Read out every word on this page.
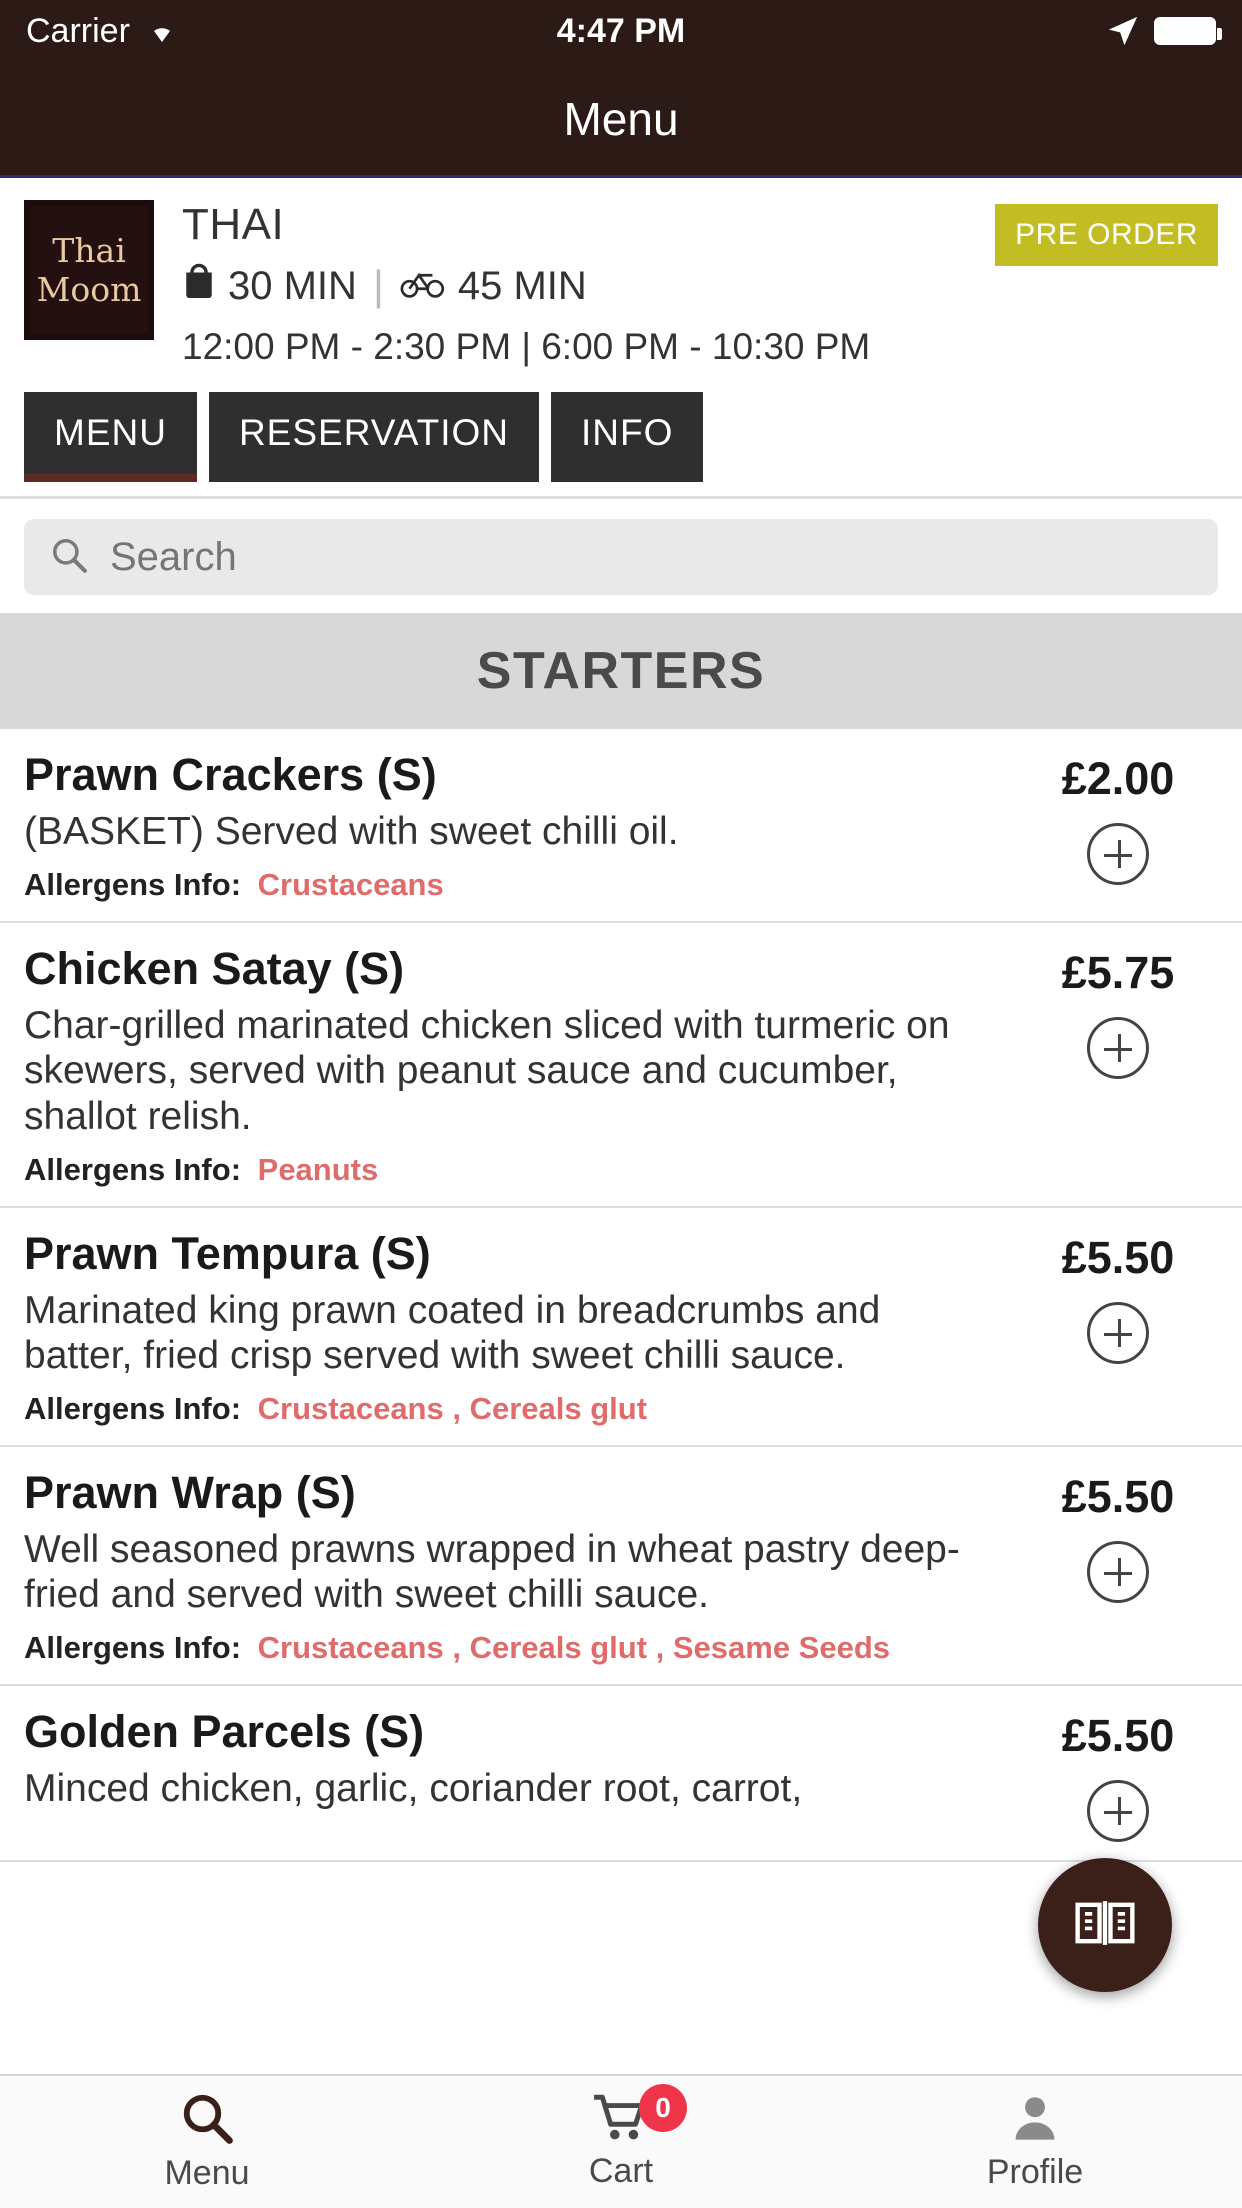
Carrier	4:47 PM
Menu
Thai
Moom
THAI
30 MIN | 45 MIN
12:00 PM - 2:30 PM | 6:00 PM - 10:30 PM
PRE ORDER
MENU	RESERVATION	INFO
Search
STARTERS
Prawn Crackers (S)
(BASKET) Served with sweet chilli oil.
Allergens Info: Crustaceans
£2.00
Chicken Satay (S)
Char-grilled marinated chicken sliced with turmeric on skewers, served with peanut sauce and cucumber, shallot relish.
Allergens Info: Peanuts
£5.75
Prawn Tempura (S)
Marinated king prawn coated in breadcrumbs and batter, fried crisp served with sweet chilli sauce.
Allergens Info: Crustaceans , Cereals glut
£5.50
Prawn Wrap (S)
Well seasoned prawns wrapped in wheat pastry deep-fried and served with sweet chilli sauce.
Allergens Info: Crustaceans , Cereals glut , Sesame Seeds
£5.50
Golden Parcels (S)
Minced chicken, garlic, coriander root, carrot,
£5.50
Menu
0
Cart	Profile
